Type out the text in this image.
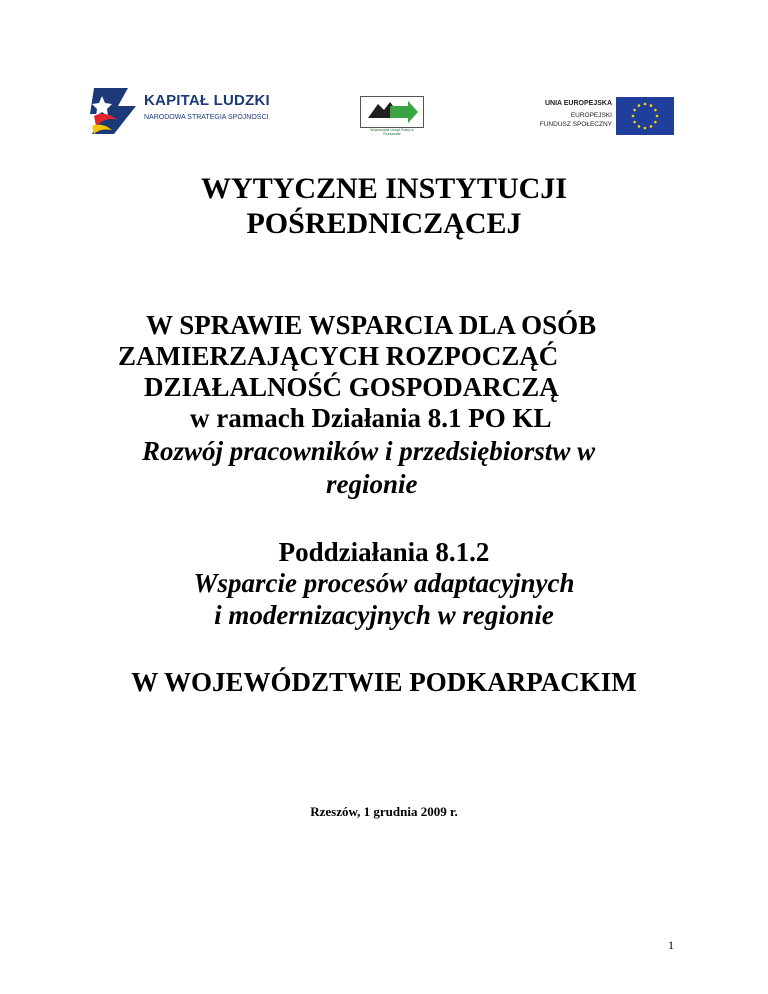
KAPITAŁ LUDZKI
NARODOWA STRATEGIA SPÓJNOŚCI
Wojewódzki Urząd Pracy w Rzeszowie
UNIA EUROPEJSKA
EUROPEJSKI
FUNDUSZ SPOŁECZNY
WYTYCZNE INSTYTUCJI
POŚREDNICZĄCEJ
W SPRAWIE WSPARCIA DLA OSÓB
ZAMIERZAJĄCYCH ROZPOCZĄĆ
DZIAŁALNOŚĆ GOSPODARCZĄ
w ramach Działania 8.1 PO KL
Rozwój pracowników i przedsiębiorstw w
regionie
Poddziałania 8.1.2
Wsparcie procesów adaptacyjnych
i modernizacyjnych w regionie
W WOJEWÓDZTWIE PODKARPACKIM
Rzeszów, 1 grudnia 2009 r.
1
